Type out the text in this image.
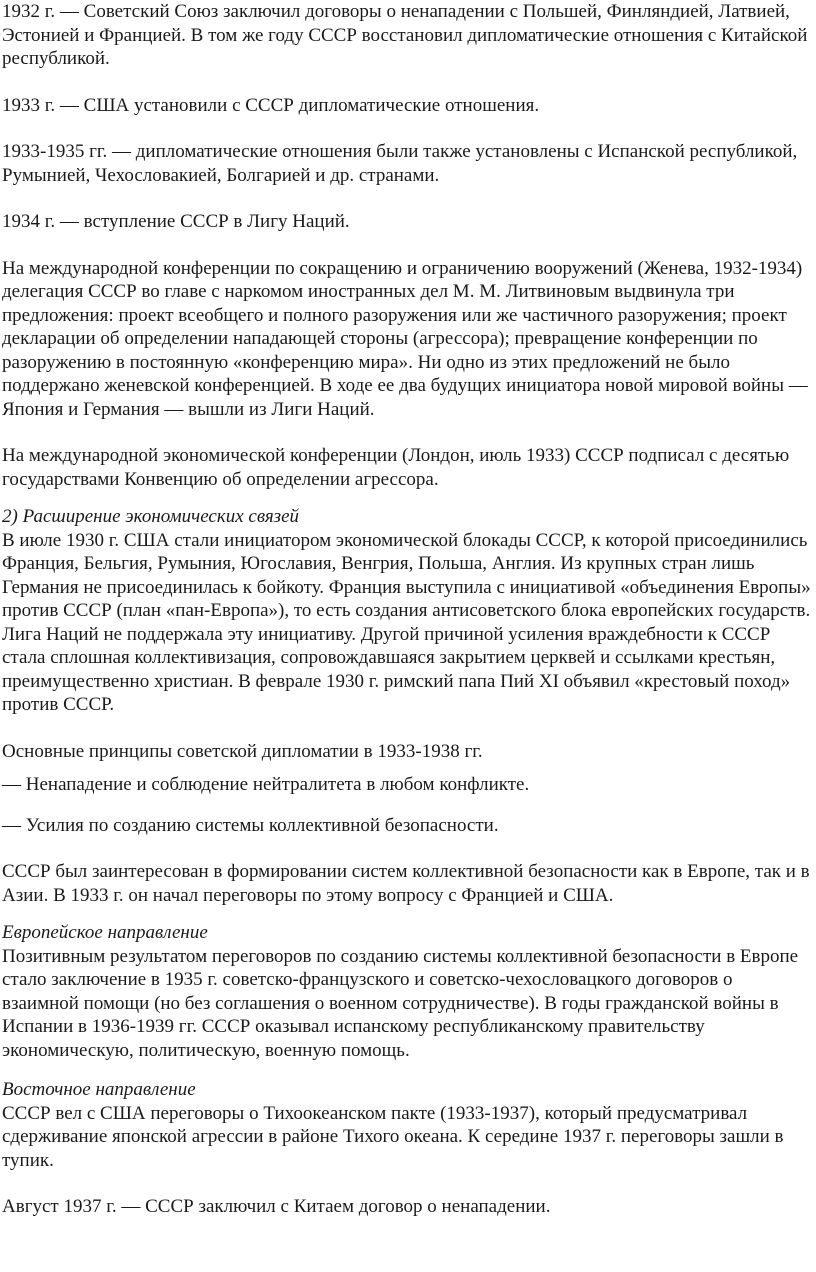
1932 г. — Советский Союз заключил договоры о ненападении с Польшей, Финляндией, Латвией, Эстонией и Францией. В том же году СССР восстановил дипломатические отношения с Китайской республикой.

1933 г. — США установили с СССР дипломатические отношения.

1933-1935 гг. — дипломатические отношения были также установлены с Испанской республикой, Румынией, Чехословакией, Болгарией и др. странами.

1934 г. — вступление СССР в Лигу Наций.

На международной конференции по сокращению и ограничению вооружений (Женева, 1932-1934) делегация СССР во главе с наркомом иностранных дел М. М. Литвиновым выдвинула три предложения: проект всеобщего и полного разоружения или же частичного разоружения; проект декларации об определении нападающей стороны (агрессора); превращение конференции по разоружению в постоянную «конференцию мира». Ни одно из этих предложений не было поддержано женевской конференцией. В ходе ее два будущих инициатора новой мировой войны — Япония и Германия — вышли из Лиги Наций.

На международной экономической конференции (Лондон, июль 1933) СССР подписал с десятью государствами Конвенцию об определении агрессора.

2) Расширение экономических связей

В июле 1930 г. США стали инициатором экономической блокады СССР, к которой присоединились Франция, Бельгия, Румыния, Югославия, Венгрия, Польша, Англия. Из крупных стран лишь Германия не присоединилась к бойкоту. Франция выступила с инициативой «объединения Европы» против СССР (план «пан-Европа»), то есть создания антисоветского блока европейских государств. Лига Наций не поддержала эту инициативу. Другой причиной усиления враждебности к СССР стала сплошная коллективизация, сопровождавшаяся закрытием церквей и ссылками крестьян, преимущественно христиан. В феврале 1930 г. римский папа Пий XI объявил «крестовый поход» против СССР.

Основные принципы советской дипломатии в 1933-1938 гг.

— Ненападение и соблюдение нейтралитета в любом конфликте.

— Усилия по созданию системы коллективной безопасности.

СССР был заинтересован в формировании систем коллективной безопасности как в Европе, так и в Азии. В 1933 г. он начал переговоры по этому вопросу с Францией и США.

Европейское направление

Позитивным результатом переговоров по созданию системы коллективной безопасности в Европе стало заключение в 1935 г. советско-французского и советско-чехословацкого договоров о взаимной помощи (но без соглашения о военном сотрудничестве). В годы гражданской войны в Испании в 1936-1939 гг. СССР оказывал испанскому республиканскому правительству экономическую, политическую, военную помощь.

Восточное направление

СССР вел с США переговоры о Тихоокеанском пакте (1933-1937), который предусматривал сдерживание японской агрессии в районе Тихого океана. К середине 1937 г. переговоры зашли в тупик.

Август 1937 г. — СССР заключил с Китаем договор о ненападении.
